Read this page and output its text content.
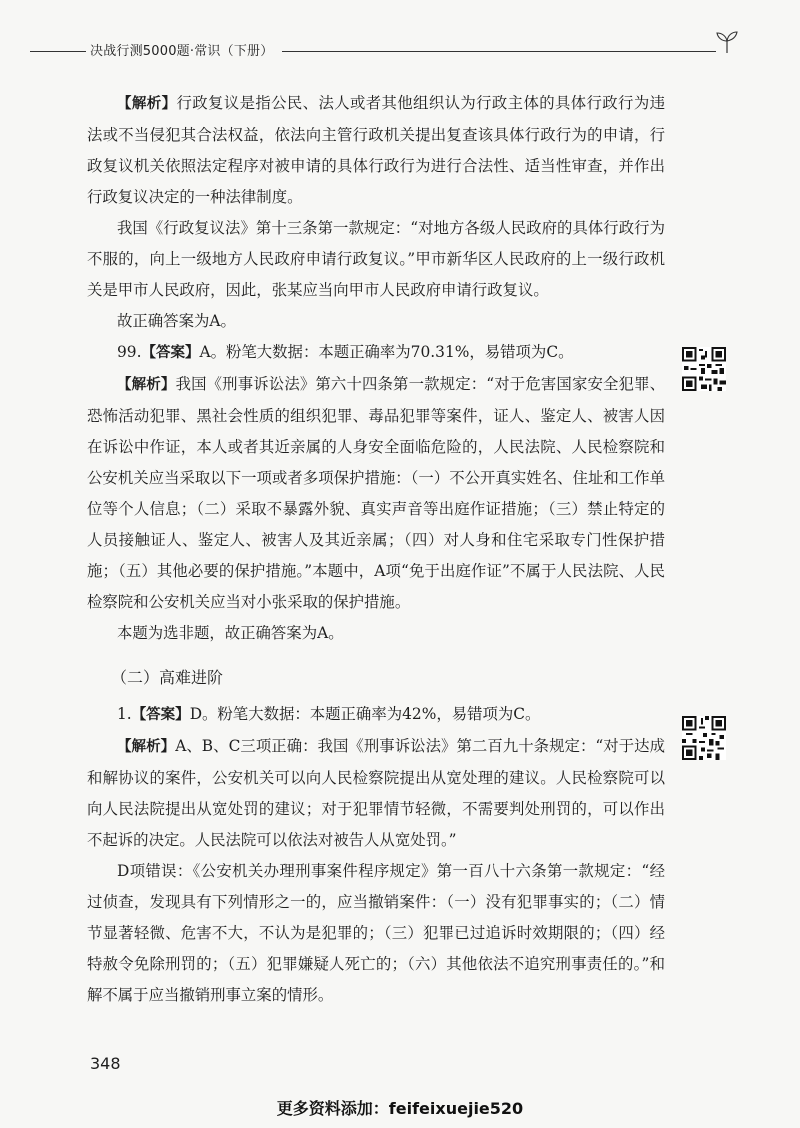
决战行测5000题·常识（下册）

【解析】行政复议是指公民、法人或者其他组织认为行政主体的具体行政行为违法或不当侵犯其合法权益，依法向主管行政机关提出复查该具体行政行为的申请，行政复议机关依照法定程序对被申请的具体行政行为进行合法性、适当性审查，并作出行政复议决定的一种法律制度。

我国《行政复议法》第十三条第一款规定：“对地方各级人民政府的具体行政行为不服的，向上一级地方人民政府申请行政复议。”甲市新华区人民政府的上一级行政机关是甲市人民政府，因此，张某应当向甲市人民政府申请行政复议。

故正确答案为A。

99.【答案】A。粉笔大数据：本题正确率为70.31%，易错项为C。

【解析】我国《刑事诉讼法》第六十四条第一款规定：“对于危害国家安全犯罪、恐怖活动犯罪、黑社会性质的组织犯罪、毒品犯罪等案件，证人、鉴定人、被害人因在诉讼中作证，本人或者其近亲属的人身安全面临危险的，人民法院、人民检察院和公安机关应当采取以下一项或者多项保护措施：（一）不公开真实姓名、住址和工作单位等个人信息；（二）采取不暴露外貌、真实声音等出庭作证措施；（三）禁止特定的人员接触证人、鉴定人、被害人及其近亲属；（四）对人身和住宅采取专门性保护措施；（五）其他必要的保护措施。”本题中，A项“免于出庭作证”不属于人民法院、人民检察院和公安机关应当对小张采取的保护措施。

本题为选非题，故正确答案为A。

（二）高难进阶

1.【答案】D。粉笔大数据：本题正确率为42%，易错项为C。

【解析】A、B、C三项正确：我国《刑事诉讼法》第二百九十条规定：“对于达成和解协议的案件，公安机关可以向人民检察院提出从宽处理的建议。人民检察院可以向人民法院提出从宽处罚的建议；对于犯罪情节轻微，不需要判处刑罚的，可以作出不起诉的决定。人民法院可以依法对被告人从宽处罚。”

D项错误：《公安机关办理刑事案件程序规定》第一百八十六条第一款规定：“经过侦查，发现具有下列情形之一的，应当撤销案件：（一）没有犯罪事实的；（二）情节显著轻微、危害不大，不认为是犯罪的；（三）犯罪已过追诉时效期限的；（四）经特赦令免除刑罚的；（五）犯罪嫌疑人死亡的；（六）其他依法不追究刑事责任的。”和解不属于应当撤销刑事立案的情形。

348
更多资料添加：feifeixuejie520
